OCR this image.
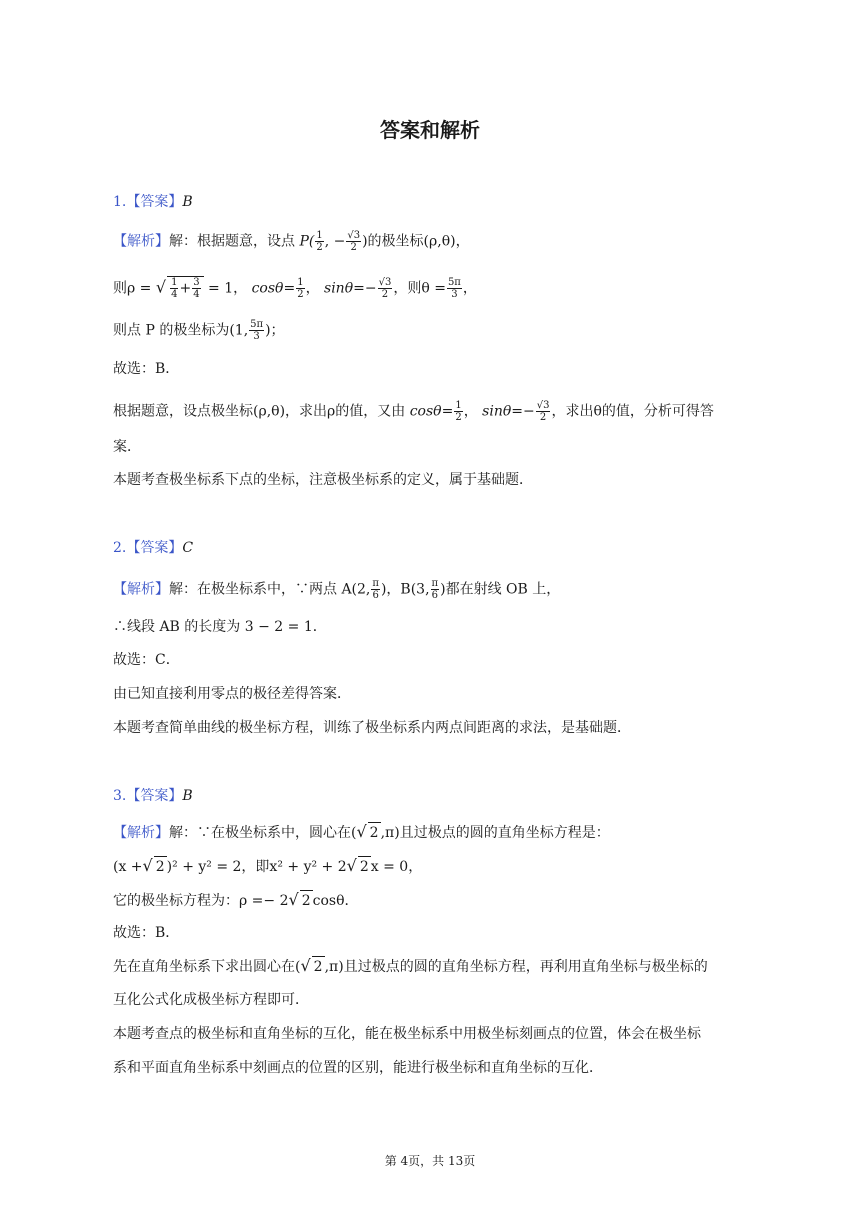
答案和解析
1.【答案】B
【解析】解：根据题意，设点 $P( \frac{1}{2}$ , − $\frac{√3}{2}$ )的极坐标(ρ,θ)，
则ρ = √ $\frac{1}{4} + \frac{3}{4} = 1$， $\cos\theta= \frac{1}{2}$ ， $\sin\theta=- \frac{√3}{2}$ ，则$\theta = \frac{5\pi}{3}$ ，
则点 P 的极坐标为(1, $\frac{5\pi}{3}$ )；
故选：B．
根据题意，设点极坐标(ρ,θ)，求出ρ的值，又由 $\cos\theta= \frac{1}{2}$ ， $\sin\theta=- \frac{√3}{2}$ ，求出θ的值，分析可得答
案．
本题考查极坐标系下点的坐标，注意极坐标系的定义，属于基础题．
2.【答案】C
【解析】解：在极坐标系中，∵两点 A(2, $\frac{\pi}{6}$ )，B(3, $\frac{\pi}{6}$ )都在射线 OB 上，
∴线段 AB 的长度为 3 − 2 = 1．
故选：C．
由已知直接利用零点的极径差得答案．
本题考查简单曲线的极坐标方程，训练了极坐标系内两点间距离的求法，是基础题．
3.【答案】B
【解析】解：∵在极坐标系中，圆心在(√ 2 ,π)且过极点的圆的直角坐标方程是：
(x +√ 2 )² + y² = 2，即x² + y² + 2√ 2 x = 0，
它的极坐标方程为：ρ =− 2√ 2 cosθ．
故选：B．
先在直角坐标系下求出圆心在(√ 2 ,π)且过极点的圆的直角坐标方程，再利用直角坐标与极坐标的
互化公式化成极坐标方程即可．
本题考查点的极坐标和直角坐标的互化，能在极坐标系中用极坐标刻画点的位置，体会在极坐标
系和平面直角坐标系中刻画点的位置的区别，能进行极坐标和直角坐标的互化．
第 4页，共 13页
